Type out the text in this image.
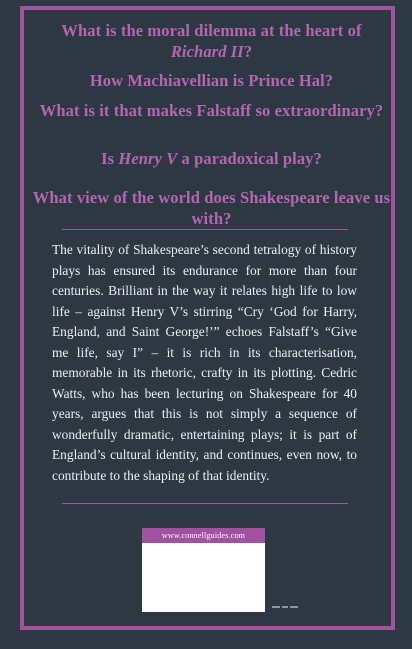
What is the moral dilemma at the heart of
Richard II?
How Machiavellian is Prince Hal?
What is it that makes Falstaff so extraordinary?
Is Henry V a paradoxical play?
What view of the world does Shakespeare leave us with?

The vitality of Shakespeare’s second tetralogy of history plays has ensured its endurance for more than four centuries. Brilliant in the way it relates high life to low life – against Henry V’s stirring “Cry ‘God for Harry, England, and Saint George!’” echoes Falstaff’s “Give me life, say I” – it is rich in its characterisation, memorable in its rhetoric, crafty in its plotting. Cedric Watts, who has been lecturing on Shakespeare for 40 years, argues that this is not simply a sequence of wonderfully dramatic, entertaining plays; it is part of England’s cultural identity, and continues, even now, to contribute to the shaping of that identity.

www.connellguides.com
